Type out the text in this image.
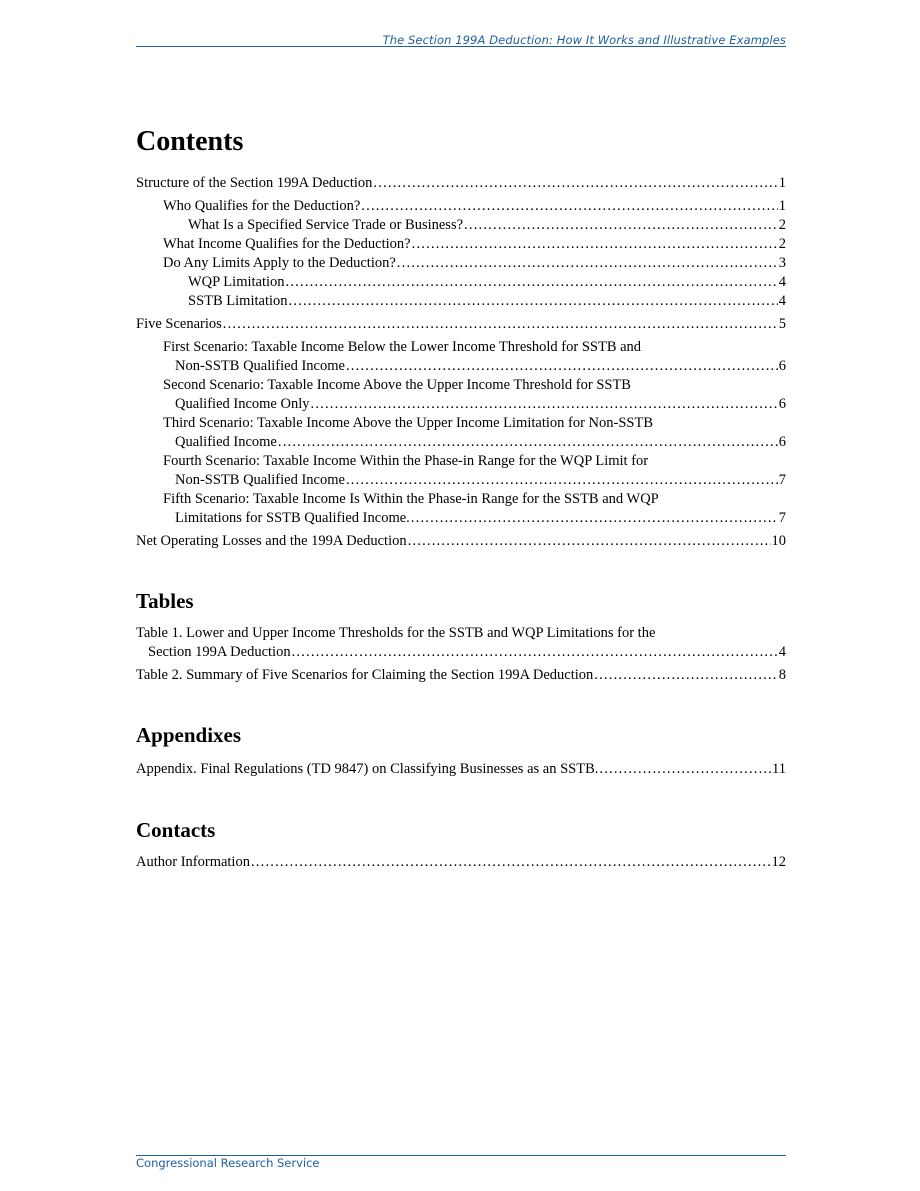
The Section 199A Deduction: How It Works and Illustrative Examples
Contents
Structure of the Section 199A Deduction .....	1
Who Qualifies for the Deduction? .....	1
What Is a Specified Service Trade or Business? .....	2
What Income Qualifies for the Deduction? .....	2
Do Any Limits Apply to the Deduction? .....	3
WQP Limitation .....	4
SSTB Limitation .....	4
Five Scenarios .....	5
First Scenario: Taxable Income Below the Lower Income Threshold for SSTB and
Non-SSTB Qualified Income .....	6
Second Scenario: Taxable Income Above the Upper Income Threshold for SSTB
Qualified Income Only .....	6
Third Scenario: Taxable Income Above the Upper Income Limitation for Non-SSTB
Qualified Income .....	6
Fourth Scenario: Taxable Income Within the Phase-in Range for the WQP Limit for
Non-SSTB Qualified Income .....	7
Fifth Scenario: Taxable Income Is Within the Phase-in Range for the SSTB and WQP
Limitations for SSTB Qualified Income. .....	7
Net Operating Losses and the 199A Deduction .....	10
Tables
Table 1. Lower and Upper Income Thresholds for the SSTB and WQP Limitations for the
Section 199A Deduction .....	4
Table 2. Summary of Five Scenarios for Claiming the Section 199A Deduction .....	8
Appendixes
Appendix. Final Regulations (TD 9847) on Classifying Businesses as an SSTB. .....	11
Contacts
Author Information .....	12
Congressional Research Service
